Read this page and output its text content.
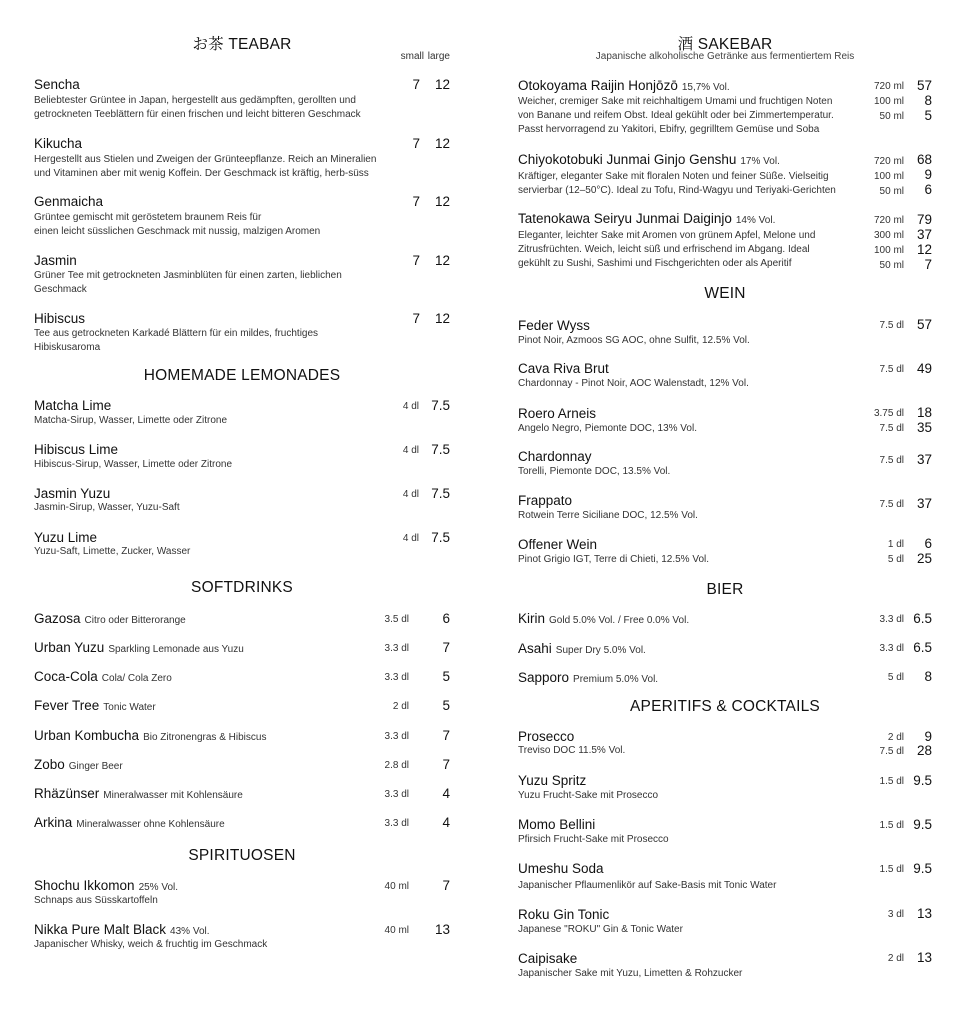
お茶 TEABAR
small large
Sencha
Beliebtester Grüntee in Japan, hergestellt aus gedämpften, gerollten und
getrockneten Teeblättern für einen frischen und leicht bitteren Geschmack
7	12
Kikucha
Hergestellt aus Stielen und Zweigen der Grünteepflanze. Reich an Mineralien
und Vitaminen aber mit wenig Koffein. Der Geschmack ist kräftig, herb-süss
7	12
Genmaicha
Grüntee gemischt mit geröstetem braunem Reis für
einen leicht süsslichen Geschmack mit nussig, malzigen Aromen
7	12
Jasmin
Grüner Tee mit getrockneten Jasminblüten für einen zarten, lieblichen
Geschmack
7	12
Hibiscus
Tee aus getrockneten Karkadé Blättern für ein mildes, fruchtiges
Hibiskusaroma
7	12
HOMEMADE LEMONADES
Matcha Lime
Matcha-Sirup, Wasser, Limette oder Zitrone
4 dl 7.5
Hibiscus Lime
Hibiscus-Sirup, Wasser, Limette oder Zitrone
4 dl 7.5
Jasmin Yuzu
Jasmin-Sirup, Wasser, Yuzu-Saft
4 dl 7.5
Yuzu Lime
Yuzu-Saft, Limette, Zucker, Wasser
4 dl 7.5
SOFTDRINKS
Gazosa Citro oder Bitterorange	3.5 dl	6
Urban Yuzu Sparkling Lemonade aus Yuzu	3.3 dl	7
Coca-Cola Cola/ Cola Zero	3.3 dl	5
Fever Tree Tonic Water	2 dl	5
Urban Kombucha Bio Zitronengras & Hibiscus	3.3 dl	7
Zobo Ginger Beer	2.8 dl	7
Rhäzünser Mineralwasser mit Kohlensäure	3.3 dl	4
Arkina Mineralwasser ohne Kohlensäure	3.3 dl	4
SPIRITUOSEN
Shochu Ikkomon 25% Vol.
Schnaps aus Süsskartoffeln
40 ml	7
Nikka Pure Malt Black 43% Vol.
Japanischer Whisky, weich & fruchtig im Geschmack
40 ml	13
酒 SAKEBAR
Japanische alkoholische Getränke aus fermentiertem Reis
Otokoyama Raijin Honjōzō 15,7% Vol.
Weicher, cremiger Sake mit reichhaltigem Umami und fruchtigen Noten
von Banane und reifem Obst. Ideal gekühlt oder bei Zimmertemperatur.
Passt hervorragend zu Yakitori, Ebifry, gegrilltem Gemüse und Soba
720 ml 57
100 ml	8
50 ml	5
Chiyokotobuki Junmai Ginjo Genshu 17% Vol.
Kräftiger, eleganter Sake mit floralen Noten und feiner Süße. Vielseitig
servierbar (12–50°C). Ideal zu Tofu, Rind-Wagyu und Teriyaki-Gerichten
720 ml 68
100 ml	9
50 ml	6
Tatenokawa Seiryu Junmai Daiginjo 14% Vol.
Eleganter, leichter Sake mit Aromen von grünem Apfel, Melone und
Zitrusfrüchten. Weich, leicht süß und erfrischend im Abgang. Ideal
gekühlt zu Sushi, Sashimi und Fischgerichten oder als Aperitif
720 ml 79
300 ml 37
100 ml 12
50 ml	7
WEIN
Feder Wyss
Pinot Noir, Azmoos SG AOC, ohne Sulfit, 12.5% Vol.
7.5 dl 57
Cava Riva Brut
Chardonnay - Pinot Noir, AOC Walenstadt, 12% Vol.
7.5 dl 49
Roero Arneis
Angelo Negro, Piemonte DOC, 13% Vol.
3.75 dl 18
7.5 dl 35
Chardonnay
Torelli, Piemonte DOC, 13.5% Vol.
7.5 dl 37
Frappato
Rotwein Terre Siciliane DOC, 12.5% Vol.
7.5 dl 37
Offener Wein
Pinot Grigio IGT, Terre di Chieti, 12.5% Vol.
1 dl	6
5 dl 25
BIER
Kirin Gold 5.0% Vol. / Free 0.0% Vol.	3.3 dl 6.5
Asahi Super Dry 5.0% Vol.	3.3 dl 6.5
Sapporo Premium 5.0% Vol.	5 dl	8
APERITIFS & COCKTAILS
Prosecco
Treviso DOC 11.5% Vol.
2 dl	9
7.5 dl 28
Yuzu Spritz
Yuzu Frucht-Sake mit Prosecco
1.5 dl 9.5
Momo Bellini
Pfirsich Frucht-Sake mit Prosecco
1.5 dl 9.5
Umeshu Soda
Japanischer Pflaumenlikör auf Sake-Basis mit Tonic Water
1.5 dl 9.5
Roku Gin Tonic
Japanese "ROKU" Gin & Tonic Water
3 dl 13
Caipisake
Japanischer Sake mit Yuzu, Limetten & Rohzucker
2 dl 13
